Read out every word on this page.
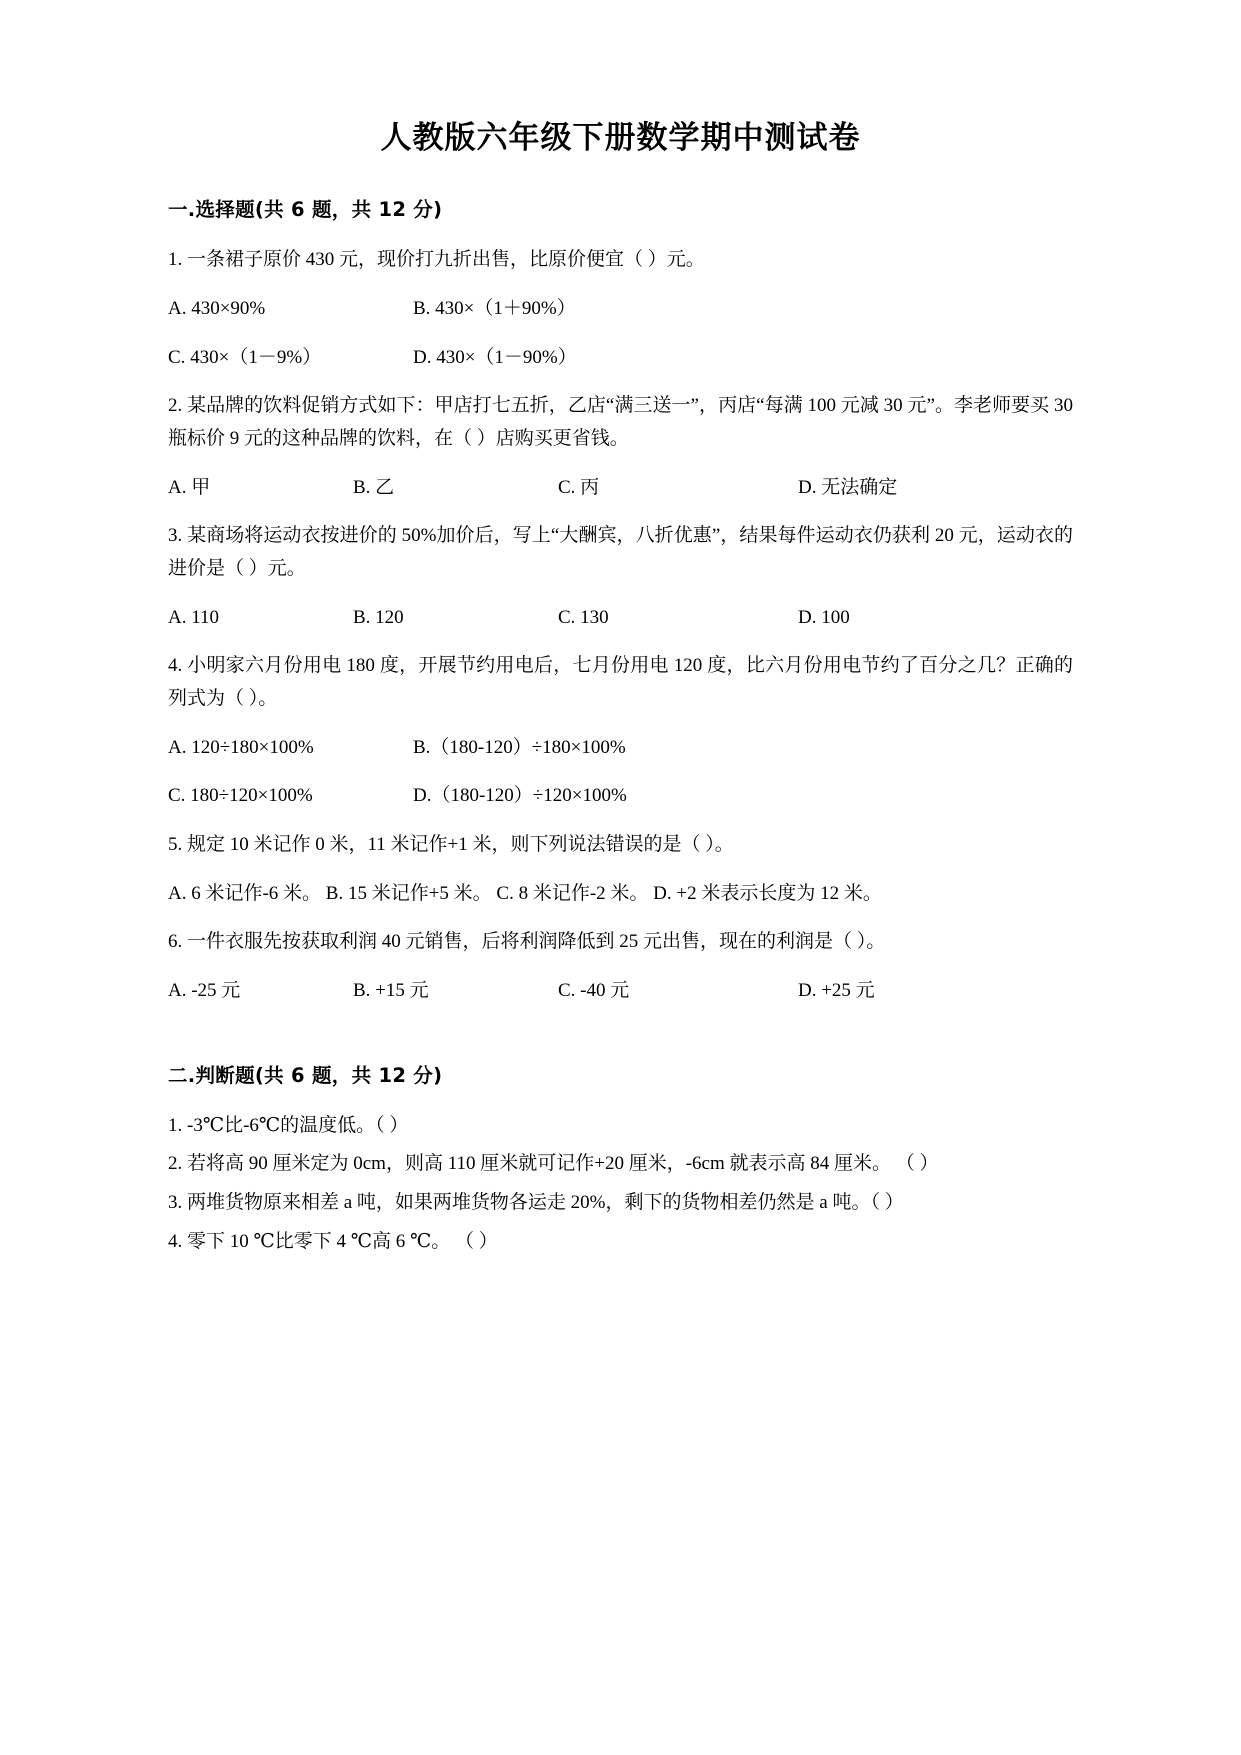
人教版六年级下册数学期中测试卷
一.选择题(共 6 题，共 12 分)

1. 一条裙子原价 430 元，现价打九折出售，比原价便宜（ ）元。

A. 430×90%	B. 430×（1＋90%）
C. 430×（1－9%）	D. 430×（1－90%）

2. 某品牌的饮料促销方式如下：甲店打七五折，乙店“满三送一”，丙店“每满 100 元减 30 元”。李老师要买 30 瓶标价 9 元的这种品牌的饮料，在（ ）店购买更省钱。

A. 甲	B. 乙	C. 丙	D. 无法确定

3. 某商场将运动衣按进价的 50%加价后，写上“大酬宾，八折优惠”，结果每件运动衣仍获利 20 元，运动衣的进价是（ ）元。

A. 110	B. 120	C. 130	D. 100

4. 小明家六月份用电 180 度，开展节约用电后，七月份用电 120 度，比六月份用电节约了百分之几？正确的列式为（ ）。

A. 120÷180×100%	B.（180-120）÷180×100%
C. 180÷120×100%	D.（180-120）÷120×100%

5. 规定 10 米记作 0 米，11 米记作+1 米，则下列说法错误的是（ ）。

A. 6 米记作-6 米。 B. 15 米记作+5 米。 C. 8 米记作-2 米。 D. +2 米表示长度为 12 米。

6. 一件衣服先按获取利润 40 元销售，后将利润降低到 25 元出售，现在的利润是（ ）。

A. -25 元	B. +15 元	C. -40 元	D. +25 元
二.判断题(共 6 题，共 12 分)

1. -3℃比-6℃的温度低。（ ）

2. 若将高 90 厘米定为 0cm，则高 110 厘米就可记作+20 厘米，-6cm 就表示高 84 厘米。 （ ）

3. 两堆货物原来相差 a 吨，如果两堆货物各运走 20%，剩下的货物相差仍然是 a 吨。（ ）

4. 零下 10 ℃比零下 4 ℃高 6 ℃。 （ ）
